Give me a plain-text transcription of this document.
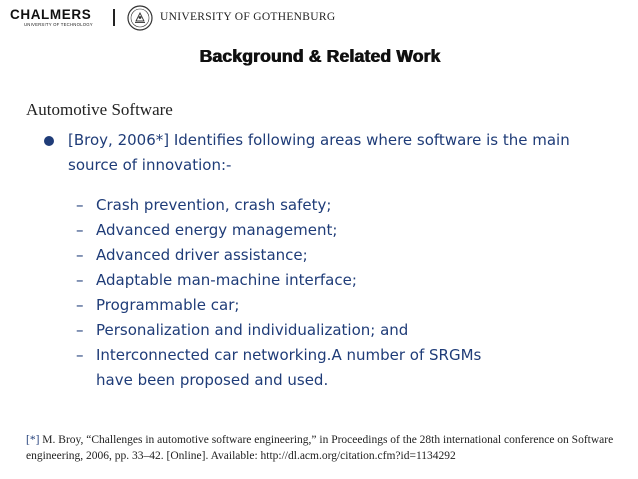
CHALMERS
UNIVERSITY OF TECHNOLOGY
UNIVERSITY OF GOTHENBURG
Background & Related Work
Automotive Software
[Broy, 2006*] Identifies following areas where software is the main source of innovation:-
– Crash prevention, crash safety;
– Advanced energy management;
– Advanced driver assistance;
– Adaptable man-machine interface;
– Programmable car;
– Personalization and individualization; and
– Interconnected car networking.A number of SRGMs
have been proposed and used.
[*] M. Broy, “Challenges in automotive software engineering,” in Proceedings of the 28th international conference on Software engineering, 2006, pp. 33–42. [Online]. Available: http://dl.acm.org/citation.cfm?id=1134292
